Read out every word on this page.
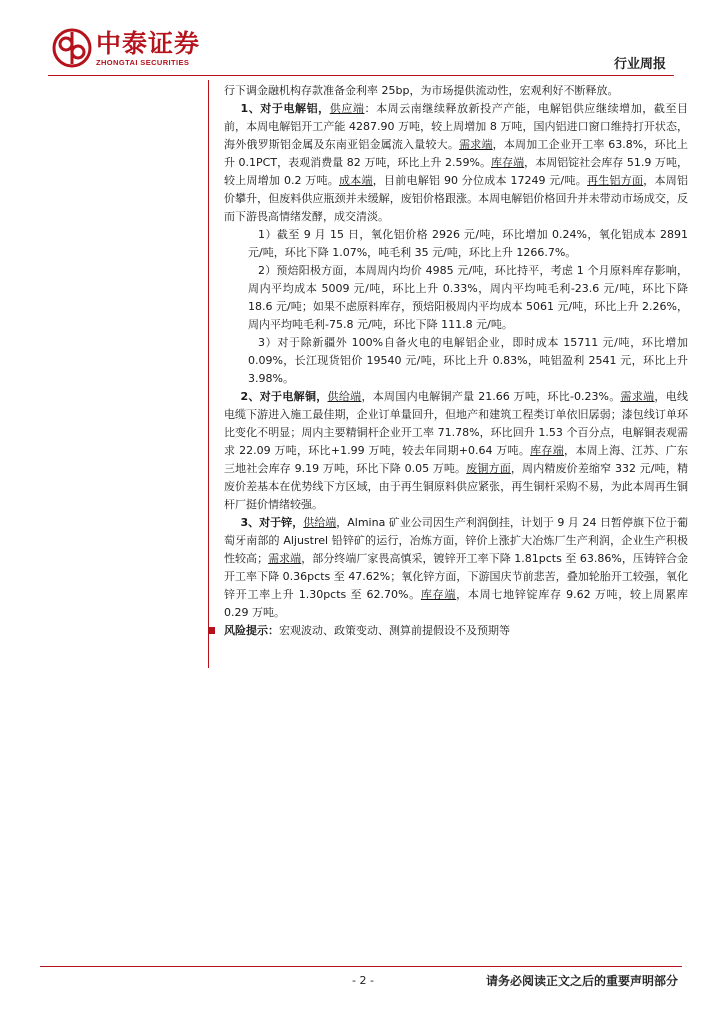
中泰证券
ZHONGTAI SECURITIES	行业周报

行下调金融机构存款准备金利率 25bp，为市场提供流动性，宏观利好不断释放。

1、对于电解铝，供应端：本周云南继续释放新投产产能，电解铝供应继续增加，截至目前，本周电解铝开工产能 4287.90 万吨，较上周增加 8 万吨，国内铝进口窗口维持打开状态，海外俄罗斯铝金属及东南亚铝金属流入量较大。需求端，本周加工企业开工率 63.8%，环比上升 0.1PCT，表观消费量 82 万吨，环比上升 2.59%。库存端，本周铝锭社会库存 51.9 万吨，较上周增加 0.2 万吨。成本端，目前电解铝 90 分位成本 17249 元/吨。再生铝方面，本周铝价攀升，但废料供应瓶颈并未缓解，废铝价格跟涨。本周电解铝价格回升并未带动市场成交，反而下游畏高情绪发酵，成交清淡。

1）截至 9 月 15 日，氧化铝价格 2926 元/吨，环比增加 0.24%，氧化铝成本 2891 元/吨，环比下降 1.07%，吨毛利 35 元/吨，环比上升 1266.7%。

2）预焙阳极方面，本周周内均价 4985 元/吨，环比持平，考虑 1 个月原料库存影响，周内平均成本 5009 元/吨，环比上升 0.33%，周内平均吨毛利-23.6 元/吨，环比下降 18.6 元/吨；如果不虑原料库存，预焙阳极周内平均成本 5061 元/吨，环比上升 2.26%，周内平均吨毛利-75.8 元/吨，环比下降 111.8 元/吨。

3）对于除新疆外 100%自备火电的电解铝企业，即时成本 15711 元/吨，环比增加 0.09%，长江现货铝价 19540 元/吨，环比上升 0.83%，吨铝盈利 2541 元，环比上升 3.98%。

2、对于电解铜，供给端，本周国内电解铜产量 21.66 万吨，环比-0.23%。需求端，电线电缆下游进入施工最佳期，企业订单量回升，但地产和建筑工程类订单依旧孱弱；漆包线订单环比变化不明显；周内主要精铜杆企业开工率 71.78%，环比回升 1.53 个百分点，电解铜表观需求 22.09 万吨，环比+1.99 万吨，较去年同期+0.64 万吨。库存端，本周上海、江苏、广东三地社会库存 9.19 万吨，环比下降 0.05 万吨。废铜方面，周内精废价差缩窄 332 元/吨，精废价差基本在优势线下方区域，由于再生铜原料供应紧张，再生铜杆采购不易，为此本周再生铜杆厂挺价情绪较强。

3、对于锌，供给端，Almina 矿业公司因生产利润倒挂，计划于 9 月 24 日暂停旗下位于葡萄牙南部的 Aljustrel 铅锌矿的运行，冶炼方面，锌价上涨扩大冶炼厂生产利润，企业生产积极性较高；需求端，部分终端厂家畏高慎采，镀锌开工率下降 1.81pcts 至 63.86%，压铸锌合金开工率下降 0.36pcts 至 47.62%；氧化锌方面，下游国庆节前悲苦，叠加轮胎开工较强，氧化锌开工率上升 1.30pcts 至 62.70%。库存端，本周七地锌锭库存 9.62 万吨，较上周累库 0.29 万吨。

风险提示：宏观波动、政策变动、测算前提假设不及预期等

- 2 -	请务必阅读正文之后的重要声明部分
